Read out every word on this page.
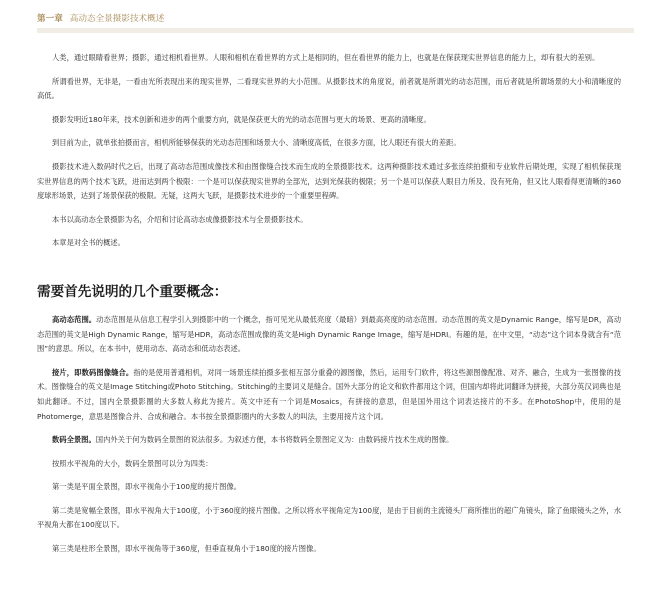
第一章 高动态全景摄影技术概述

人类，通过眼睛看世界；摄影，通过相机看世界。人眼和相机在看世界的方式上是相同的，但在看世界的能力上，也就是在保获现实世界信息的能力上，却有很大的差别。

所谓看世界，无非是，一看由光所表现出来的现实世界，二看现实世界的大小范围。从摄影技术的角度说，前者就是所谓光的动态范围，而后者就是所谓场景的大小和清晰度的高低。

摄影发明近180年来，技术创新和进步的两个重要方向，就是保获更大的光的动态范围与更大的场景、更高的清晰度。

到目前为止，就单张拍摄而言，相机所能够保获的光动态范围和场景大小、清晰度高低，在很多方面，比人眼还有很大的差距。

摄影技术进入数码时代之后，出现了高动态范围成像技术和由图像缝合技术而生成的全景摄影技术。这两种摄影技术通过多张连续拍摄和专业软件后期处理，实现了相机保获现实世界信息的两个技术飞跃，进而达到两个极限：一个是可以保获现实世界的全部光，达到光保获的极限；另一个是可以保获人眼目力所及、没有死角，但又比人眼看得更清晰的360度球形场景，达到了场景保获的极限。无疑，这两大飞跃，是摄影技术进步的一个重要里程碑。

本书以高动态全景摄影为名，介绍和讨论高动态成像摄影技术与全景摄影技术。

本章是对全书的概述。

需要首先说明的几个重要概念：

高动态范围。动态范围是从信息工程学引入到摄影中的一个概念，指可见光从最低亮度（最暗）到最高亮度的动态范围。动态范围的英文是Dynamic Range，缩写是DR，高动态范围的英文是High Dynamic Range，缩写是HDR，高动态范围成像的英文是High Dynamic Range Image，缩写是HDRI。有趣的是，在中文里，“动态”这个词本身就含有“范围”的意思。所以，在本书中，使用动态、高动态和低动态表述。

接片，即数码图像缝合。指的是使用普通相机，对同一场景连续拍摄多张相互部分重叠的源图像，然后，运用专门软件，将这些源图像配准、对齐、融合，生成为一张图像的技术。图像缝合的英文是Image Stitching或Photo Stitching。Stitching的主要词义是缝合。国外大部分的论文和软件都用这个词，但国内却将此词翻译为拼接，大部分英汉词典也是如此翻译。不过，国内全景摄影圈的大多数人称此为接片。英文中还有一个词是Mosaics，有拼接的意思，但是国外用这个词表达接片的不多。在PhotoShop中，使用的是Photomerge，意思是图像合并、合成和融合。本书按全景摄影圈内的大多数人的叫法，主要用接片这个词。

数码全景图。国内外关于何为数码全景图的说法很多。为叙述方便，本书将数码全景图定义为：由数码接片技术生成的图像。

按照水平视角的大小，数码全景图可以分为四类：

第一类是平面全景图，即水平视角小于100度的接片图像。

第二类是宽幅全景图，即水平视角大于100度，小于360度的接片图像。之所以将水平视角定为100度，是由于目前的主流镜头厂商所推出的超广角镜头，除了鱼眼镜头之外，水平视角大都在100度以下。

第三类是柱形全景图，即水平视角等于360度，但垂直视角小于180度的接片图像。
